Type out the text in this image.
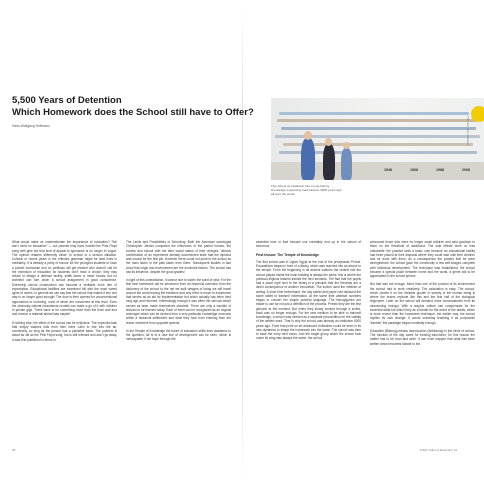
5,500 Years of Detention
Which Homework does the School still have to Offer?
Hans-Wolfgang Hoffmann
1948	1968	1988	2008
The school as institution has a long history, knowledge supporting transmission 3000 years ago all over the world.
Themen und Leitideen

What would make us underestimate the importance of education? "We don't need no education" — our parents may have howled the Pink Floyd song with glee but that kind of appeal to ignorance is no longer in vogue. The opinion leaders differently value: to school is a serious situation. Cultural or recent years in the relevant grammar might be lead lines in mediately. It is already a party of honour for the youngest students to have a pocket curriculum and no politician will get elected who doesn't call for the extension of education for students don't have a choice; they may refuse to design a defense facility, sniffs faces or lower blocks; but no architect can turn down a school assignment in good conscience. Extremely school construction can become a veritable lion's den of expectation. Educational facilities are examined full with the most varied types of norms. In general we can say that the school that makes it into one way is no longer good enough! The door is then opened for unconventional approaches to nurturing, none of which are concerned at this level. Even the obviously natural educational models can make a go of it with children in private gigs. There have to be something more than the level and true and receive a material ahead was maybe!

If nothing else, the effect of the school can be explosive. The expected task that simply washes kids from their mere Latin to rise into the air, conversely, so long as the person has a plausible basis. The problem is about as old as the Pink Floyd song, but is still relevant and won't go away. It was first published in terms in

The Limits and Possibilities of Schooling. Both the American sociologist Christopher Jencks compared the influences of the parent homes, the society and school with the later social status of their charges. Various confirmation of an experience already documented state that the diploma was crucial for the first job. However there could not point to the school as the main factor in the path taken from there. Subsequent studies in fact show that origin and environment are the dominant factors. The school has lost its influence, despite the good grades!

In light of this contradiction, it cannot hurt to widen the point of view. For the first time homework will be structured from an historical overview, from the discovery of the school to the net we built designs of today we will travel around the world tracing the evidence and why there is much to experience that serves as an aid for implementation but which actually has been tried long ago and returned. Interestingly enough it was often the schools which served as laser made themselves obsolete. There are only a handful of lessons to be learned today. Each of them can be recognized as an original archetype which can be derived from a very particular knowledge economy within a historical settlement and what they took from entering from the lesser members from opposite speeds.

In the Temple of Knowledge the future of education shifts from academic to the question. All is of a new line of development can be seen, which is inescapable, if we hope through the

essential hour in that forward one inevitably end up in the school of tomorrow.

First lesson: The Temple of Knowledge

The first school was in Upper Egypt at the end of the predynastic Period. Excavations began in front of a library, which was reached into an alcove to the temple. From the beginning in all ancient cultures the central role the school played inside the main building is always the same: this is where the political-religious leaders trained the next servants. The fact that the pupils had a place right next to the library is a principle that the theorists are a direct consequence of another innovation. The school used the medium of writing. A short time beforehand, the day earlier and paper had replaced the stone tablet to transmit information. At the same time abstract numbers began to convert the simple pictorial language. The hieroglyphics are easier to use for not just a definition of the process. Priests they are the first genuine at the moment. But when they slowly worked through a scribe, book was no longer enough. For the new medium to be able to transmit knowledge, a school was needed as a separate precondition for the validity of the written word. That is why the school was already an institution 5000 years ago. From that point on an advanced civilization could be seen in its new dynamics to shape the homework into the same. The school was then to ease the entry next hours. And the target group which the school took under its wing was always the same: the school

welcomed those who were no longer small children and said goodbye to them on the threshold of adulthood. The side effects were no less noticeable: the passive seek a basic vote became an educational facility had been placed at their disposal where they could wait until their children and be done with them. As a consequence the powers that be were strengthened: the school gave the community a few self-images complete with individual development. The technique was established, the school became a special place between home and the world, a genre still to be appreciated in the school sphere.

But that was not enough. More than one of the product of its environment the school had to work creatively. The calculation is easy. The school, which carries it on the invisible growth in society of the human being is where the brains explode like this and the first half of the biological fingerprint. Later on the school will demand more circumstances from its descending entropy. With a surplus culture can compensate for the essential adds but which they as a breath for the world of the adults, which is more recent than the homework technique; the earlier way, the school implies its own change. It would someday teaching it as purposeful 'transfer' the paradigm began modestly enough.

Education (Bildung) means reproduction (Abbildung) in the circle of school. The function of the day cares for existing structures; for this reason the matter has to be read and write. It can even happen that what has been written down becomes distant to the

30	5,500 Years of Detention 31
